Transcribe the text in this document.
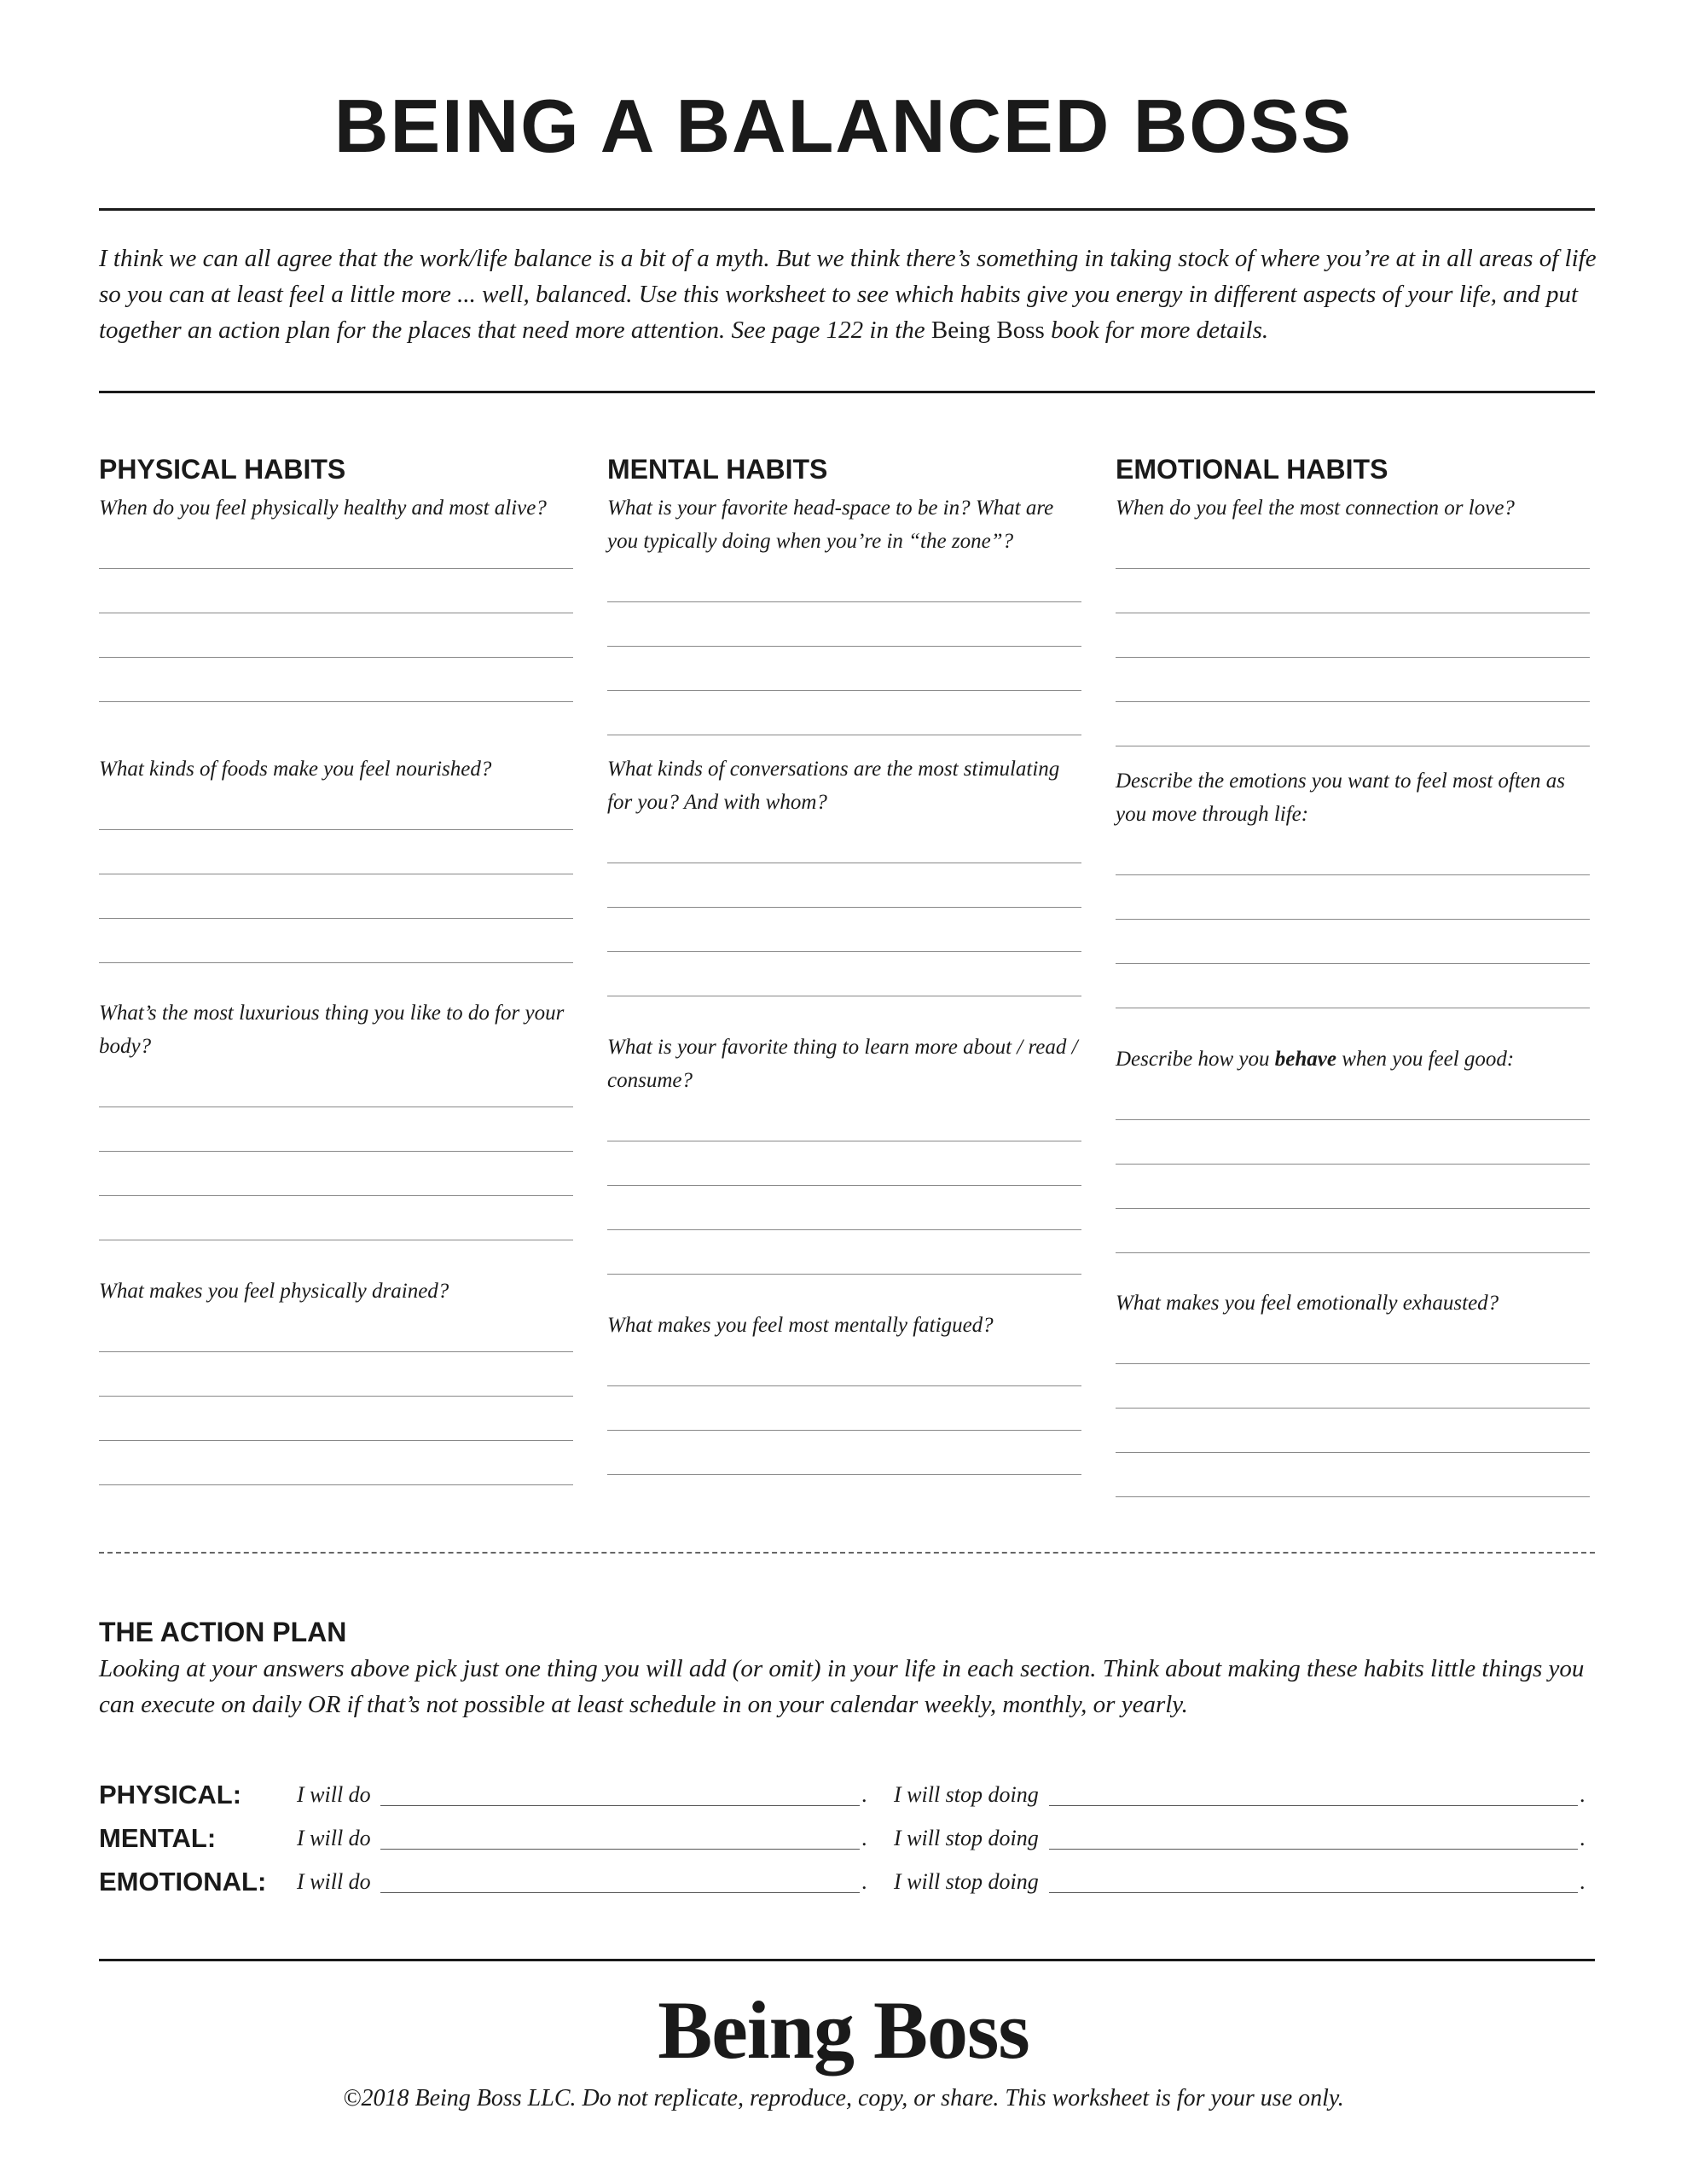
BEING A BALANCED BOSS

I think we can all agree that the work/life balance is a bit of a myth. But we think there’s something in taking stock of where you’re at in all areas of life so you can at least feel a little more ... well, balanced. Use this worksheet to see which habits give you energy in different aspects of your life, and put together an action plan for the places that need more attention. See page 122 in the Being Boss book for more details.

PHYSICAL HABITS
When do you feel physically healthy and most alive?
What kinds of foods make you feel nourished?
What’s the most luxurious thing you like to do for your body?
What makes you feel physically drained?
MENTAL HABITS
What is your favorite head-space to be in? What are you typically doing when you’re in “the zone”?
What kinds of conversations are the most stimulating for you? And with whom?
What is your favorite thing to learn more about / read / consume?
What makes you feel most mentally fatigued?
EMOTIONAL HABITS
When do you feel the most connection or love?
Describe the emotions you want to feel most often as you move through life:
Describe how you behave when you feel good:
What makes you feel emotionally exhausted?
THE ACTION PLAN

Looking at your answers above pick just one thing you will add (or omit) in your life in each section. Think about making these habits little things you can execute on daily OR if that’s not possible at least schedule in on your calendar weekly, monthly, or yearly.

PHYSICAL: I will do	. I will stop doing	.
MENTAL:	I will do	. I will stop doing	.
EMOTIONAL: I will do	. I will stop doing	.
Being Boss

©2018 Being Boss LLC. Do not replicate, reproduce, copy, or share. This worksheet is for your use only.
